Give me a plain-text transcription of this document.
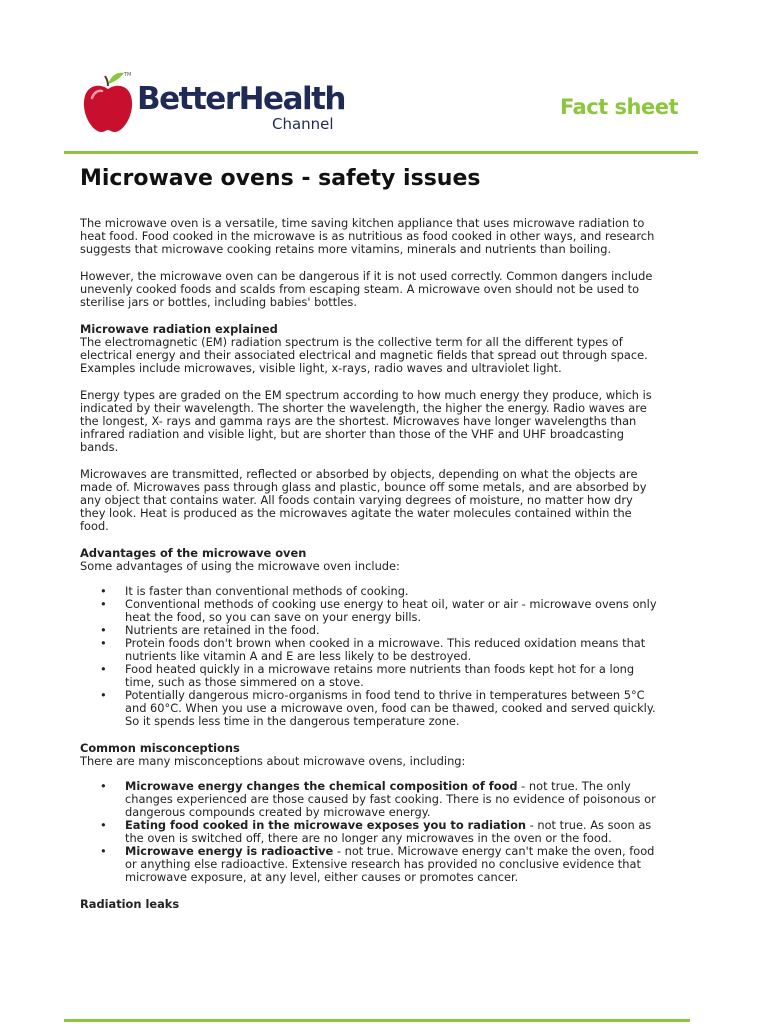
TM
BetterHealth
Channel
Fact sheet
Microwave ovens - safety issues

The microwave oven is a versatile, time saving kitchen appliance that uses microwave radiation to heat food. Food cooked in the microwave is as nutritious as food cooked in other ways, and research suggests that microwave cooking retains more vitamins, minerals and nutrients than boiling.

However, the microwave oven can be dangerous if it is not used correctly. Common dangers include unevenly cooked foods and scalds from escaping steam. A microwave oven should not be used to sterilise jars or bottles, including babies' bottles.

Microwave radiation explained

The electromagnetic (EM) radiation spectrum is the collective term for all the different types of electrical energy and their associated electrical and magnetic fields that spread out through space. Examples include microwaves, visible light, x-rays, radio waves and ultraviolet light.

Energy types are graded on the EM spectrum according to how much energy they produce, which is indicated by their wavelength. The shorter the wavelength, the higher the energy. Radio waves are the longest, X- rays and gamma rays are the shortest. Microwaves have longer wavelengths than infrared radiation and visible light, but are shorter than those of the VHF and UHF broadcasting bands.

Microwaves are transmitted, reflected or absorbed by objects, depending on what the objects are made of. Microwaves pass through glass and plastic, bounce off some metals, and are absorbed by any object that contains water. All foods contain varying degrees of moisture, no matter how dry they look. Heat is produced as the microwaves agitate the water molecules contained within the food.

Advantages of the microwave oven

Some advantages of using the microwave oven include:

• It is faster than conventional methods of cooking.
• Conventional methods of cooking use energy to heat oil, water or air - microwave ovens only heat the food, so you can save on your energy bills.
• Nutrients are retained in the food.
• Protein foods don't brown when cooked in a microwave. This reduced oxidation means that nutrients like vitamin A and E are less likely to be destroyed.
• Food heated quickly in a microwave retains more nutrients than foods kept hot for a long time, such as those simmered on a stove.
• Potentially dangerous micro-organisms in food tend to thrive in temperatures between 5°C and 60°C. When you use a microwave oven, food can be thawed, cooked and served quickly. So it spends less time in the dangerous temperature zone.
Common misconceptions

There are many misconceptions about microwave ovens, including:

• Microwave energy changes the chemical composition of food - not true. The only changes experienced are those caused by fast cooking. There is no evidence of poisonous or dangerous compounds created by microwave energy.
• Eating food cooked in the microwave exposes you to radiation - not true. As soon as the oven is switched off, there are no longer any microwaves in the oven or the food.
• Microwave energy is radioactive - not true. Microwave energy can't make the oven, food or anything else radioactive. Extensive research has provided no conclusive evidence that microwave exposure, at any level, either causes or promotes cancer.
Radiation leaks
